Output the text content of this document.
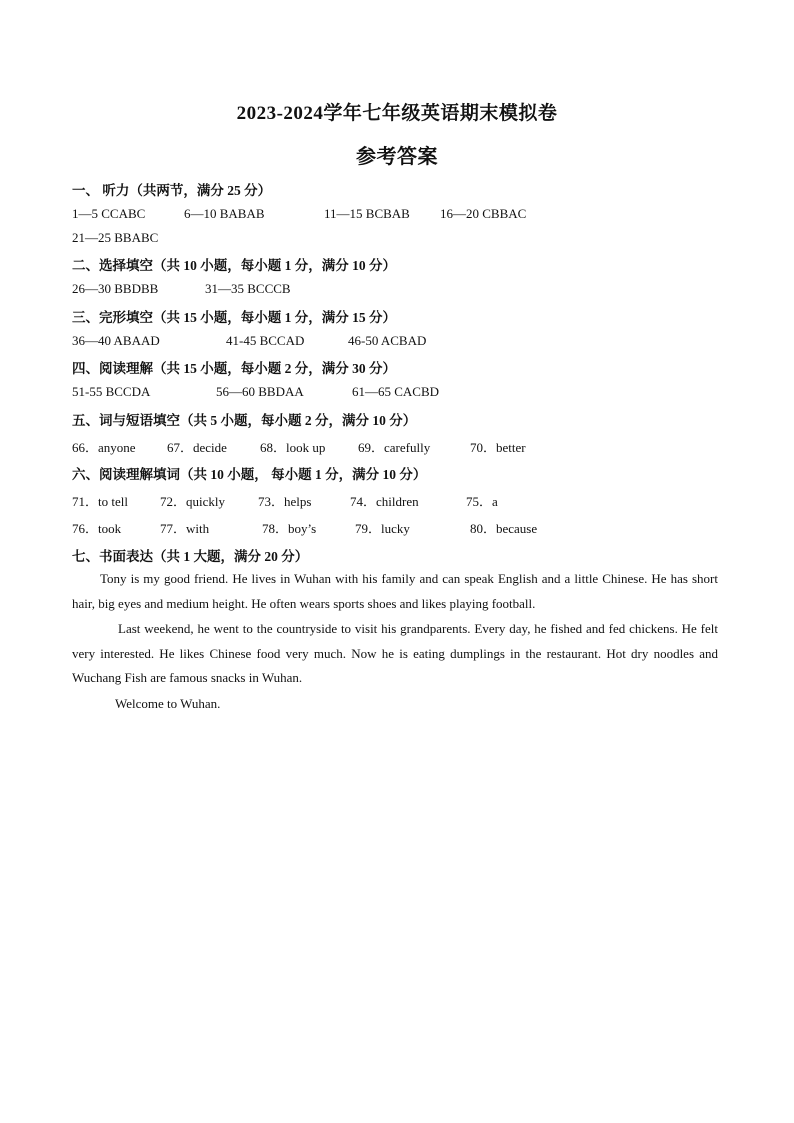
2023-2024学年七年级英语期末模拟卷
参考答案
一、 听力（共两节，满分 25 分）
1—5 CCABC	6—10 BABAB	11—15 BCBAB 16—20 CBBAC
21—25 BBABC
二、选择填空（共 10 小题，每小题 1 分，满分 10 分）
26—30 BBDBB	31—35 BCCCB
三、完形填空（共 15 小题，每小题 1 分，满分 15 分）
36—40 ABAAD	41-45 BCCAD	46-50 ACBAD
四、阅读理解（共 15 小题，每小题 2 分，满分 30 分）
51-55 BCCDA	56—60 BBDAA	61—65 CACBD
五、词与短语填空（共 5 小题，每小题 2 分，满分 10 分）
66．anyone 67．decide	68．look up	69．carefully	70．better
六、阅读理解填词（共 10 小题， 每小题 1 分，满分 10 分）
71．to tell 72．quickly	73．helps	74．children	75．a
76．took	77．with	78．boy’s	79．lucky	80．because
七、书面表达（共 1 大题，满分 20 分）
Tony is my good friend. He lives in Wuhan with his family and can speak English and a little Chinese. He has short hair, big eyes and medium height. He often wears sports shoes and likes playing football.
Last weekend, he went to the countryside to visit his grandparents. Every day, he fished and fed chickens. He felt very interested. He likes Chinese food very much. Now he is eating dumplings in the restaurant. Hot dry noodles and Wuchang Fish are famous snacks in Wuhan.
Welcome to Wuhan.
